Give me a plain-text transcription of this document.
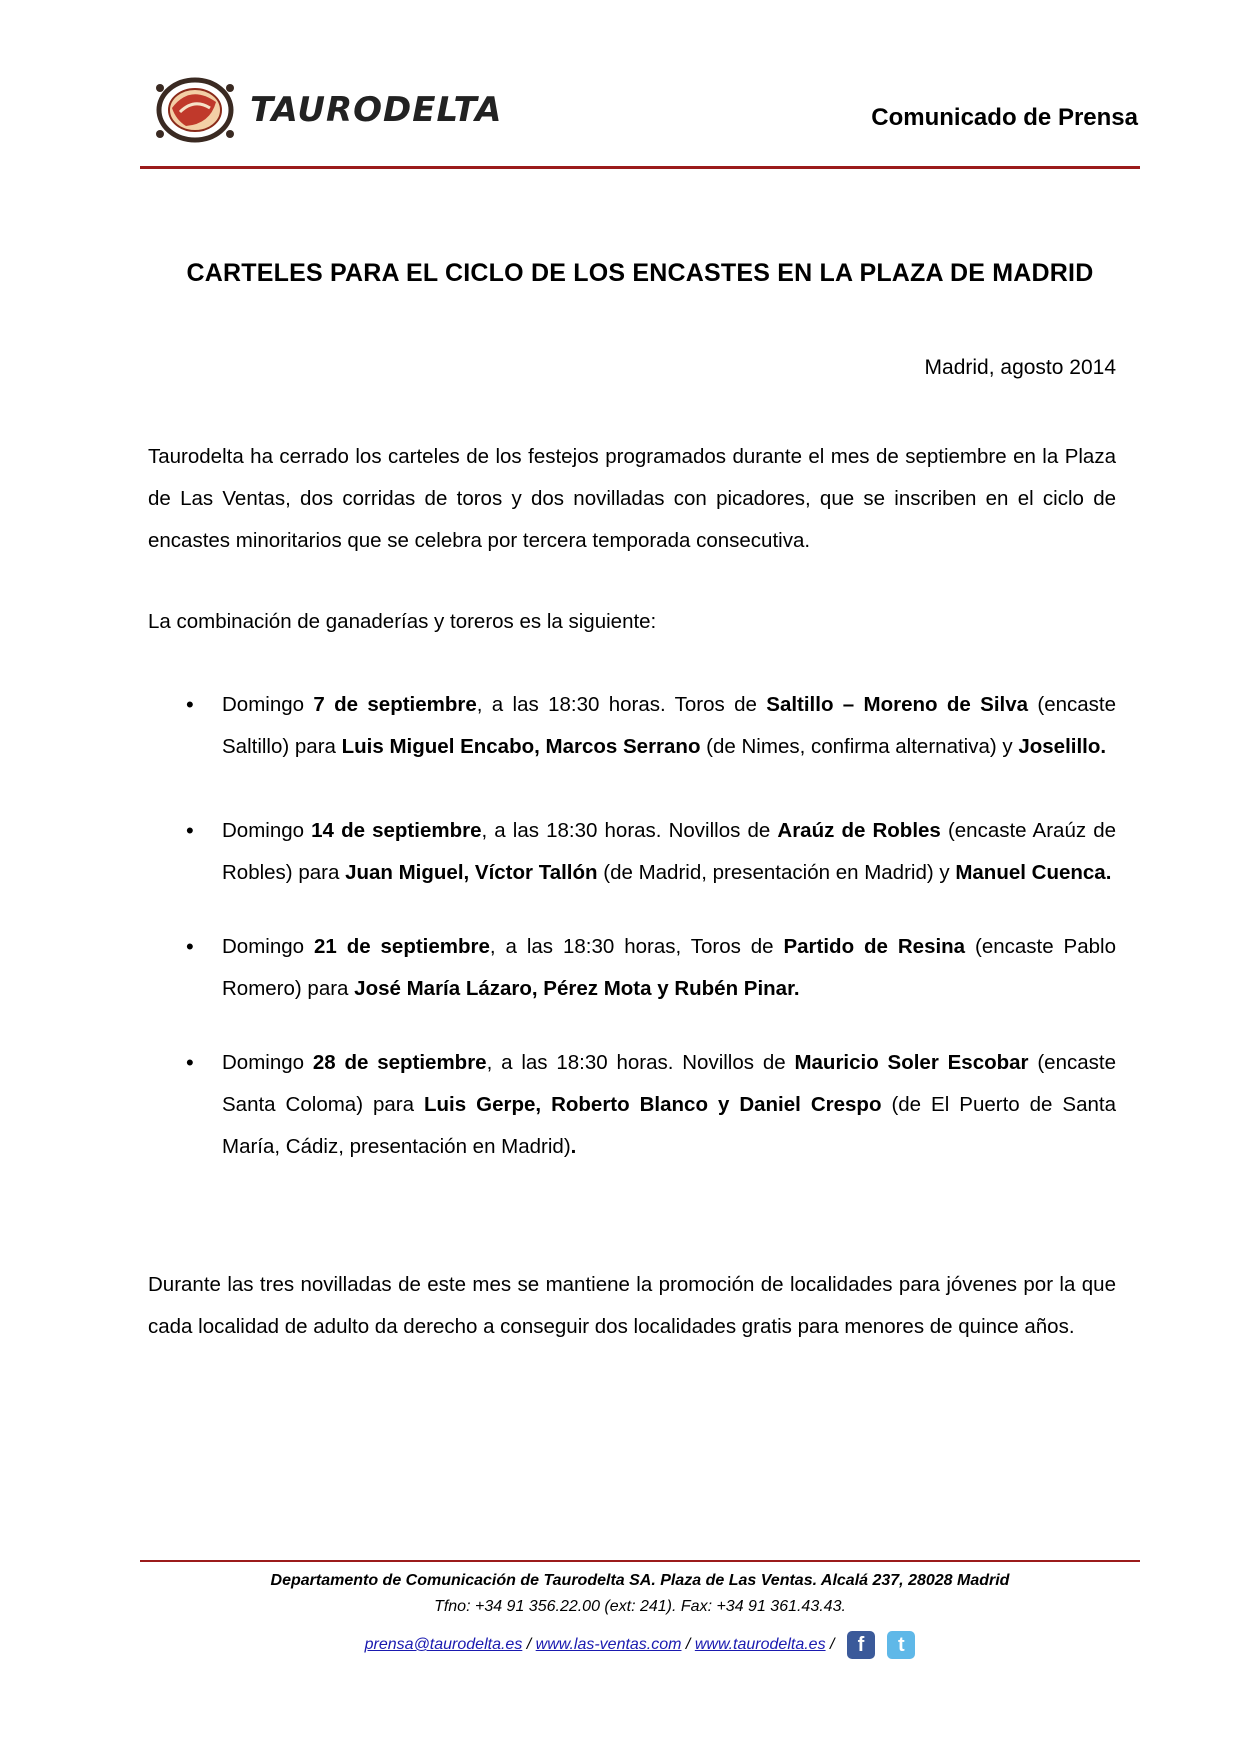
TAURODELTA	Comunicado de Prensa
CARTELES PARA EL CICLO DE LOS ENCASTES EN LA PLAZA DE MADRID
Madrid, agosto 2014

Taurodelta ha cerrado los carteles de los festejos programados durante el mes de septiembre en la Plaza de Las Ventas, dos corridas de toros y dos novilladas con picadores, que se inscriben en el ciclo de encastes minoritarios que se celebra por tercera temporada consecutiva.

La combinación de ganaderías y toreros es la siguiente:

• Domingo 7 de septiembre, a las 18:30 horas. Toros de Saltillo – Moreno de Silva (encaste Saltillo) para Luis Miguel Encabo, Marcos Serrano (de Nimes, confirma alternativa) y Joselillo.
• Domingo 14 de septiembre, a las 18:30 horas. Novillos de Araúz de Robles (encaste Araúz de Robles) para Juan Miguel, Víctor Tallón (de Madrid, presentación en Madrid) y Manuel Cuenca.
• Domingo 21 de septiembre, a las 18:30 horas, Toros de Partido de Resina (encaste Pablo Romero) para José María Lázaro, Pérez Mota y Rubén Pinar.
• Domingo 28 de septiembre, a las 18:30 horas. Novillos de Mauricio Soler Escobar (encaste Santa Coloma) para Luis Gerpe, Roberto Blanco y Daniel Crespo (de El Puerto de Santa María, Cádiz, presentación en Madrid).

Durante las tres novilladas de este mes se mantiene la promoción de localidades para jóvenes por la que cada localidad de adulto da derecho a conseguir dos localidades gratis para menores de quince años.

Departamento de Comunicación de Taurodelta SA. Plaza de Las Ventas. Alcalá 237, 28028 Madrid
Tfno: +34 91 356.22.00 (ext: 241). Fax: +34 91 361.43.43.
prensa@taurodelta.es / www.las-ventas.com / www.taurodelta.es / f t
